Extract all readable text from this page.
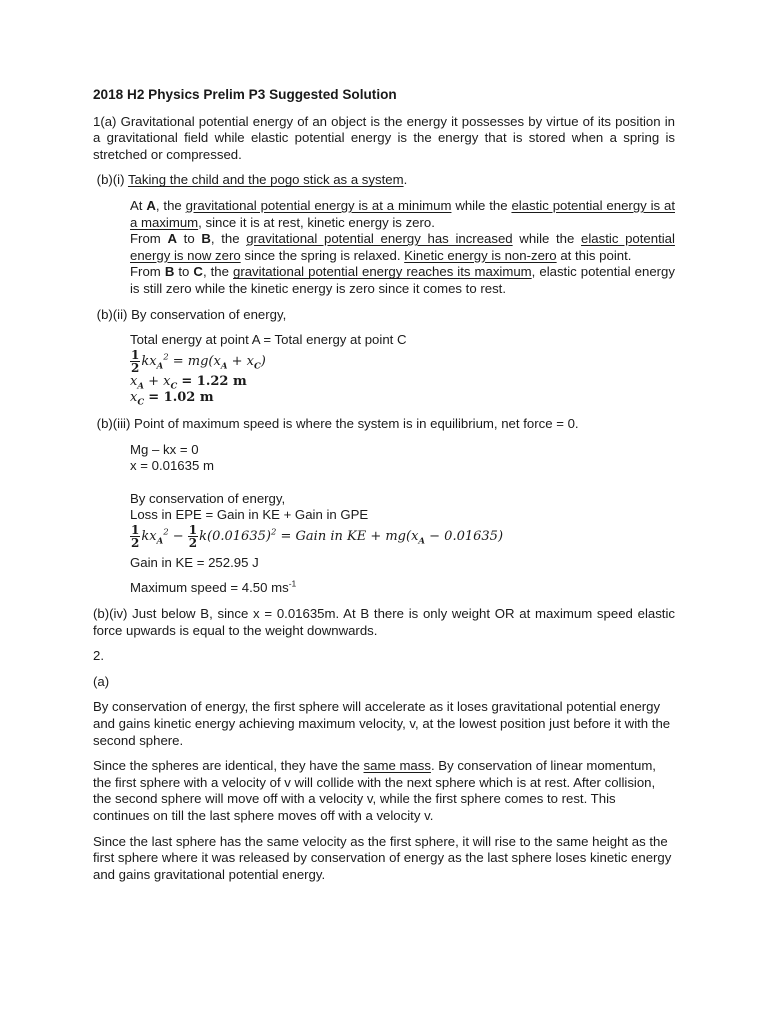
2018 H2 Physics Prelim P3 Suggested Solution

1(a) Gravitational potential energy of an object is the energy it possesses by virtue of its position in a gravitational field while elastic potential energy is the energy that is stored when a spring is stretched or compressed.

(b)(i) Taking the child and the pogo stick as a system.

At A, the gravitational potential energy is at a minimum while the elastic potential energy is at a maximum, since it is at rest, kinetic energy is zero.

From A to B, the gravitational potential energy has increased while the elastic potential energy is now zero since the spring is relaxed. Kinetic energy is non-zero at this point.

From B to C, the gravitational potential energy reaches its maximum, elastic potential energy is still zero while the kinetic energy is zero since it comes to rest.

(b)(ii) By conservation of energy,

Total energy at point A = Total energy at point C

$\frac{1}{2} kx_A^2 = mg(x_A + x_C)$

$x_A + x_C = 1.22$ m

$x_C = 1.02$ m

(b)(iii) Point of maximum speed is where the system is in equilibrium, net force = 0.

Mg – kx = 0

x = 0.01635 m

By conservation of energy,

Loss in EPE = Gain in KE + Gain in GPE

$\frac{1}{2} kx_A^2 - \frac{1}{2} k(0.01635)^2$ = Gain in KE + $mg(x_A - 0.01635)$

Gain in KE = 252.95 J

Maximum speed = 4.50 $ms^{-1}$

(b)(iv) Just below B, since x = 0.01635m. At B there is only weight OR at maximum speed elastic force upwards is equal to the weight downwards.

2.

(a)

By conservation of energy, the first sphere will accelerate as it loses gravitational potential energy and gains kinetic energy achieving maximum velocity, v, at the lowest position just before it with the second sphere.

Since the spheres are identical, they have the same mass. By conservation of linear momentum, the first sphere with a velocity of v will collide with the next sphere which is at rest. After collision, the second sphere will move off with a velocity v, while the first sphere comes to rest. This continues on till the last sphere moves off with a velocity v.

Since the last sphere has the same velocity as the first sphere, it will rise to the same height as the first sphere where it was released by conservation of energy as the last sphere loses kinetic energy and gains gravitational potential energy.
